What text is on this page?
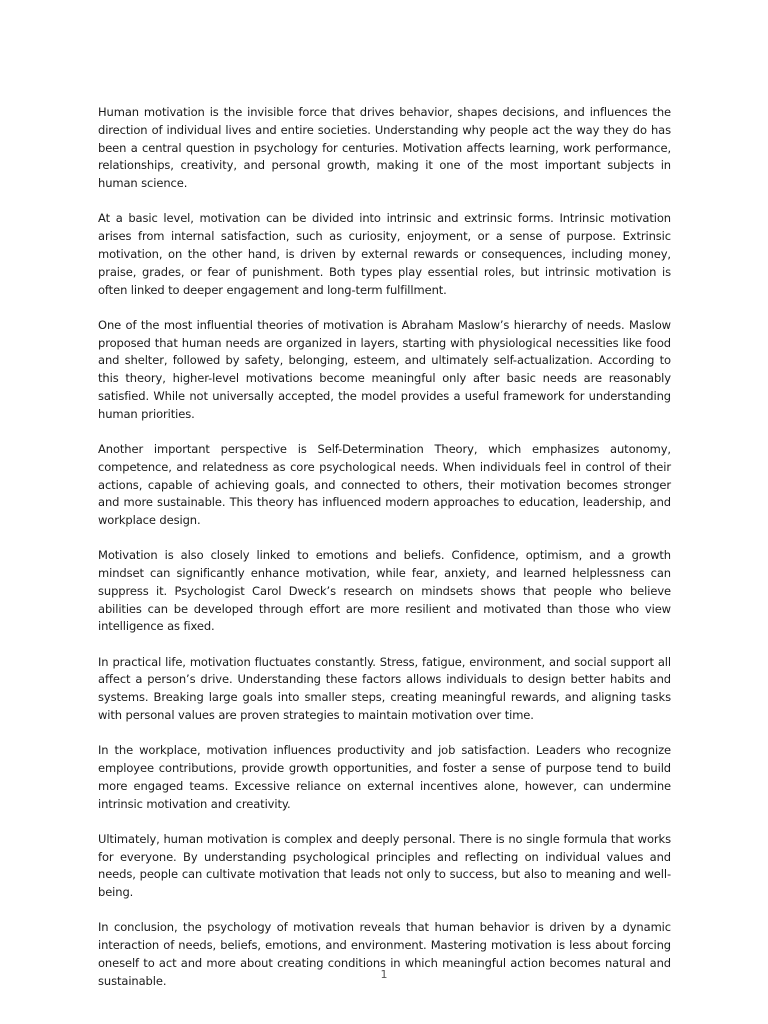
Human motivation is the invisible force that drives behavior, shapes decisions, and influences the direction of individual lives and entire societies. Understanding why people act the way they do has been a central question in psychology for centuries. Motivation affects learning, work performance, relationships, creativity, and personal growth, making it one of the most important subjects in human science.

At a basic level, motivation can be divided into intrinsic and extrinsic forms. Intrinsic motivation arises from internal satisfaction, such as curiosity, enjoyment, or a sense of purpose. Extrinsic motivation, on the other hand, is driven by external rewards or consequences, including money, praise, grades, or fear of punishment. Both types play essential roles, but intrinsic motivation is often linked to deeper engagement and long-term fulfillment.

One of the most influential theories of motivation is Abraham Maslow’s hierarchy of needs. Maslow proposed that human needs are organized in layers, starting with physiological necessities like food and shelter, followed by safety, belonging, esteem, and ultimately self-actualization. According to this theory, higher-level motivations become meaningful only after basic needs are reasonably satisfied. While not universally accepted, the model provides a useful framework for understanding human priorities.

Another important perspective is Self-Determination Theory, which emphasizes autonomy, competence, and relatedness as core psychological needs. When individuals feel in control of their actions, capable of achieving goals, and connected to others, their motivation becomes stronger and more sustainable. This theory has influenced modern approaches to education, leadership, and workplace design.

Motivation is also closely linked to emotions and beliefs. Confidence, optimism, and a growth mindset can significantly enhance motivation, while fear, anxiety, and learned helplessness can suppress it. Psychologist Carol Dweck’s research on mindsets shows that people who believe abilities can be developed through effort are more resilient and motivated than those who view intelligence as fixed.

In practical life, motivation fluctuates constantly. Stress, fatigue, environment, and social support all affect a person’s drive. Understanding these factors allows individuals to design better habits and systems. Breaking large goals into smaller steps, creating meaningful rewards, and aligning tasks with personal values are proven strategies to maintain motivation over time.

In the workplace, motivation influences productivity and job satisfaction. Leaders who recognize employee contributions, provide growth opportunities, and foster a sense of purpose tend to build more engaged teams. Excessive reliance on external incentives alone, however, can undermine intrinsic motivation and creativity.

Ultimately, human motivation is complex and deeply personal. There is no single formula that works for everyone. By understanding psychological principles and reflecting on individual values and needs, people can cultivate motivation that leads not only to success, but also to meaning and well-being.

In conclusion, the psychology of motivation reveals that human behavior is driven by a dynamic interaction of needs, beliefs, emotions, and environment. Mastering motivation is less about forcing oneself to act and more about creating conditions in which meaningful action becomes natural and sustainable.	1
